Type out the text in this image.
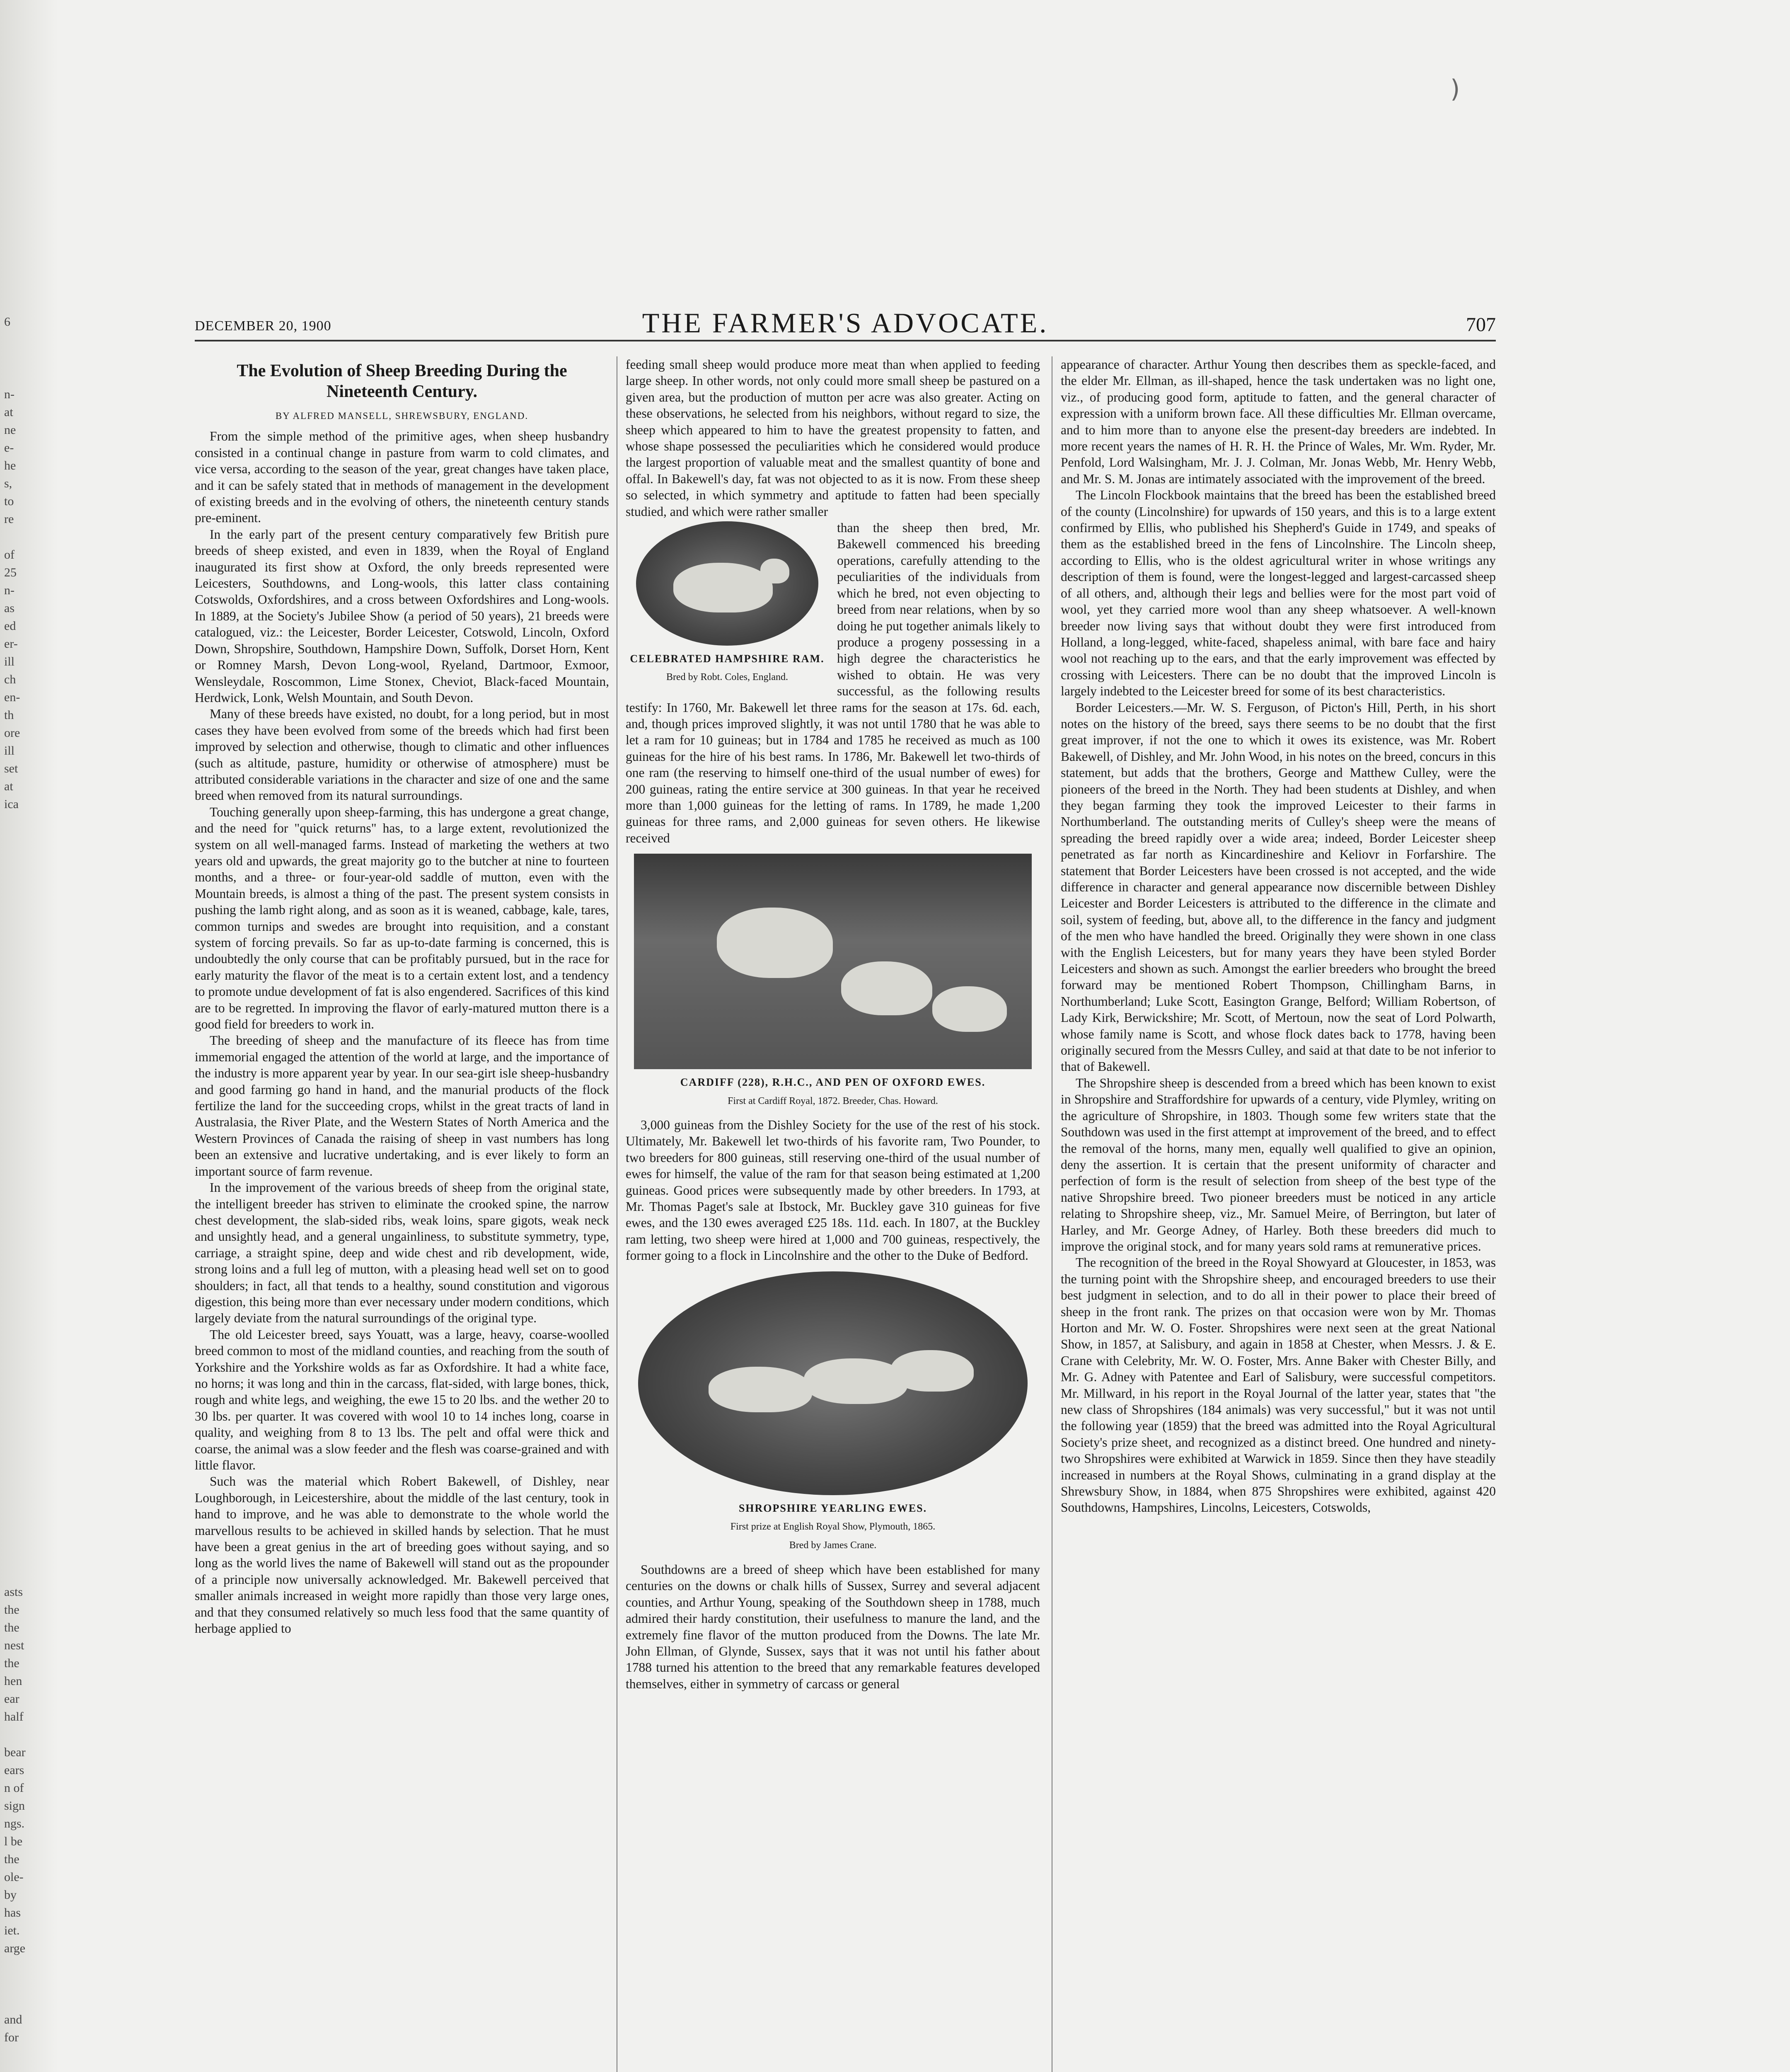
6
n-
at
ne
e-
he
s,
to
re

of
25
n-
as
ed
er-
ill
ch
en-
th
ore
ill
set
at
ica
asts
the
the
nest
the
hen
ear
half

bear
ears
n of
sign
ngs.
l be
the
ole-
by
has
iet.
arge

and
for
)
DECEMBER 20, 1900	THE FARMER'S ADVOCATE.	707
The Evolution of Sheep Breeding During the Nineteenth Century.
BY ALFRED MANSELL, SHREWSBURY, ENGLAND.

From the simple method of the primitive ages, when sheep husbandry consisted in a continual change in pasture from warm to cold climates, and vice versa, according to the season of the year, great changes have taken place, and it can be safely stated that in methods of management in the development of existing breeds and in the evolving of others, the nineteenth century stands pre-eminent.

In the early part of the present century comparatively few British pure breeds of sheep existed, and even in 1839, when the Royal of England inaugurated its first show at Oxford, the only breeds represented were Leicesters, Southdowns, and Long-wools, this latter class containing Cotswolds, Oxfordshires, and a cross between Oxfordshires and Long-wools. In 1889, at the Society's Jubilee Show (a period of 50 years), 21 breeds were catalogued, viz.: the Leicester, Border Leicester, Cotswold, Lincoln, Oxford Down, Shropshire, Southdown, Hampshire Down, Suffolk, Dorset Horn, Kent or Romney Marsh, Devon Long-wool, Ryeland, Dartmoor, Exmoor, Wensleydale, Roscommon, Lime Stonex, Cheviot, Black-faced Mountain, Herdwick, Lonk, Welsh Mountain, and South Devon.

Many of these breeds have existed, no doubt, for a long period, but in most cases they have been evolved from some of the breeds which had first been improved by selection and otherwise, though to climatic and other influences (such as altitude, pasture, humidity or otherwise of atmosphere) must be attributed considerable variations in the character and size of one and the same breed when removed from its natural surroundings.

Touching generally upon sheep-farming, this has undergone a great change, and the need for "quick returns" has, to a large extent, revolutionized the system on all well-managed farms. Instead of marketing the wethers at two years old and upwards, the great majority go to the butcher at nine to fourteen months, and a three- or four-year-old saddle of mutton, even with the Mountain breeds, is almost a thing of the past. The present system consists in pushing the lamb right along, and as soon as it is weaned, cabbage, kale, tares, common turnips and swedes are brought into requisition, and a constant system of forcing prevails. So far as up-to-date farming is concerned, this is undoubtedly the only course that can be profitably pursued, but in the race for early maturity the flavor of the meat is to a certain extent lost, and a tendency to promote undue development of fat is also engendered. Sacrifices of this kind are to be regretted. In improving the flavor of early-matured mutton there is a good field for breeders to work in.

The breeding of sheep and the manufacture of its fleece has from time immemorial engaged the attention of the world at large, and the importance of the industry is more apparent year by year. In our sea-girt isle sheep-husbandry and good farming go hand in hand, and the manurial products of the flock fertilize the land for the succeeding crops, whilst in the great tracts of land in Australasia, the River Plate, and the Western States of North America and the Western Provinces of Canada the raising of sheep in vast numbers has long been an extensive and lucrative undertaking, and is ever likely to form an important source of farm revenue.

In the improvement of the various breeds of sheep from the original state, the intelligent breeder has striven to eliminate the crooked spine, the narrow chest development, the slab-sided ribs, weak loins, spare gigots, weak neck and unsightly head, and a general ungainliness, to substitute symmetry, type, carriage, a straight spine, deep and wide chest and rib development, wide, strong loins and a full leg of mutton, with a pleasing head well set on to good shoulders; in fact, all that tends to a healthy, sound constitution and vigorous digestion, this being more than ever necessary under modern conditions, which largely deviate from the natural surroundings of the original type.

The old Leicester breed, says Youatt, was a large, heavy, coarse-woolled breed common to most of the midland counties, and reaching from the south of Yorkshire and the Yorkshire wolds as far as Oxfordshire. It had a white face, no horns; it was long and thin in the carcass, flat-sided, with large bones, thick, rough and white legs, and weighing, the ewe 15 to 20 lbs. and the wether 20 to 30 lbs. per quarter. It was covered with wool 10 to 14 inches long, coarse in quality, and weighing from 8 to 13 lbs. The pelt and offal were thick and coarse, the animal was a slow feeder and the flesh was coarse-grained and with little flavor.

Such was the material which Robert Bakewell, of Dishley, near Loughborough, in Leicestershire, about the middle of the last century, took in hand to improve, and he was able to demonstrate to the whole world the marvellous results to be achieved in skilled hands by selection. That he must have been a great genius in the art of breeding goes without saying, and so long as the world lives the name of Bakewell will stand out as the propounder of a principle now universally acknowledged. Mr. Bakewell perceived that smaller animals increased in weight more rapidly than those very large ones, and that they consumed relatively so much less food that the same quantity of herbage applied to

feeding small sheep would produce more meat than when applied to feeding large sheep. In other words, not only could more small sheep be pastured on a given area, but the production of mutton per acre was also greater. Acting on these observations, he selected from his neighbors, without regard to size, the sheep which appeared to him to have the greatest propensity to fatten, and whose shape possessed the peculiarities which he considered would produce the largest proportion of valuable meat and the smallest quantity of bone and offal. In Bakewell's day, fat was not objected to as it is now. From these sheep so selected, in which symmetry and aptitude to fatten had been specially studied, and which were rather smaller

CELEBRATED HAMPSHIRE RAM.
Bred by Robt. Coles, England.

than the sheep then bred, Mr. Bakewell commenced his breeding operations, carefully attending to the peculiarities of the individuals from which he bred, not even objecting to breed from near relations, when by so doing he put together animals likely to produce a progeny possessing in a high degree the characteristics he wished to obtain. He was very successful, as the following results testify: In 1760, Mr. Bakewell let three rams for the season at 17s. 6d. each, and, though prices improved slightly, it was not until 1780 that he was able to let a ram for 10 guineas; but in 1784 and 1785 he received as much as 100 guineas for the hire of his best rams. In 1786, Mr. Bakewell let two-thirds of one ram (the reserving to himself one-third of the usual number of ewes) for 200 guineas, rating the entire service at 300 guineas. In that year he received more than 1,000 guineas for the letting of rams. In 1789, he made 1,200 guineas for three rams, and 2,000 guineas for seven others. He likewise received

CARDIFF (228), R.H.C., AND PEN OF OXFORD EWES.
First at Cardiff Royal, 1872. Breeder, Chas. Howard.

3,000 guineas from the Dishley Society for the use of the rest of his stock. Ultimately, Mr. Bakewell let two-thirds of his favorite ram, Two Pounder, to two breeders for 800 guineas, still reserving one-third of the usual number of ewes for himself, the value of the ram for that season being estimated at 1,200 guineas. Good prices were subsequently made by other breeders. In 1793, at Mr. Thomas Paget's sale at Ibstock, Mr. Buckley gave 310 guineas for five ewes, and the 130 ewes averaged £25 18s. 11d. each. In 1807, at the Buckley ram letting, two sheep were hired at 1,000 and 700 guineas, respectively, the former going to a flock in Lincolnshire and the other to the Duke of Bedford.

SHROPSHIRE YEARLING EWES.
First prize at English Royal Show, Plymouth, 1865.
Bred by James Crane.

Southdowns are a breed of sheep which have been established for many centuries on the downs or chalk hills of Sussex, Surrey and several adjacent counties, and Arthur Young, speaking of the Southdown sheep in 1788, much admired their hardy constitution, their usefulness to manure the land, and the extremely fine flavor of the mutton produced from the Downs. The late Mr. John Ellman, of Glynde, Sussex, says that it was not until his father about 1788 turned his attention to the breed that any remarkable features developed themselves, either in symmetry of carcass or general

appearance of character. Arthur Young then describes them as speckle-faced, and the elder Mr. Ellman, as ill-shaped, hence the task undertaken was no light one, viz., of producing good form, aptitude to fatten, and the general character of expression with a uniform brown face. All these difficulties Mr. Ellman overcame, and to him more than to anyone else the present-day breeders are indebted. In more recent years the names of H. R. H. the Prince of Wales, Mr. Wm. Ryder, Mr. Penfold, Lord Walsingham, Mr. J. J. Colman, Mr. Jonas Webb, Mr. Henry Webb, and Mr. S. M. Jonas are intimately associated with the improvement of the breed.

The Lincoln Flockbook maintains that the breed has been the established breed of the county (Lincolnshire) for upwards of 150 years, and this is to a large extent confirmed by Ellis, who published his Shepherd's Guide in 1749, and speaks of them as the established breed in the fens of Lincolnshire. The Lincoln sheep, according to Ellis, who is the oldest agricultural writer in whose writings any description of them is found, were the longest-legged and largest-carcassed sheep of all others, and, although their legs and bellies were for the most part void of wool, yet they carried more wool than any sheep whatsoever. A well-known breeder now living says that without doubt they were first introduced from Holland, a long-legged, white-faced, shapeless animal, with bare face and hairy wool not reaching up to the ears, and that the early improvement was effected by crossing with Leicesters. There can be no doubt that the improved Lincoln is largely indebted to the Leicester breed for some of its best characteristics.

Border Leicesters.—Mr. W. S. Ferguson, of Picton's Hill, Perth, in his short notes on the history of the breed, says there seems to be no doubt that the first great improver, if not the one to which it owes its existence, was Mr. Robert Bakewell, of Dishley, and Mr. John Wood, in his notes on the breed, concurs in this statement, but adds that the brothers, George and Matthew Culley, were the pioneers of the breed in the North. They had been students at Dishley, and when they began farming they took the improved Leicester to their farms in Northumberland. The outstanding merits of Culley's sheep were the means of spreading the breed rapidly over a wide area; indeed, Border Leicester sheep penetrated as far north as Kincardineshire and Keliovr in Forfarshire. The statement that Border Leicesters have been crossed is not accepted, and the wide difference in character and general appearance now discernible between Dishley Leicester and Border Leicesters is attributed to the difference in the climate and soil, system of feeding, but, above all, to the difference in the fancy and judgment of the men who have handled the breed. Originally they were shown in one class with the English Leicesters, but for many years they have been styled Border Leicesters and shown as such. Amongst the earlier breeders who brought the breed forward may be mentioned Robert Thompson, Chillingham Barns, in Northumberland; Luke Scott, Easington Grange, Belford; William Robertson, of Lady Kirk, Berwickshire; Mr. Scott, of Mertoun, now the seat of Lord Polwarth, whose family name is Scott, and whose flock dates back to 1778, having been originally secured from the Messrs Culley, and said at that date to be not inferior to that of Bakewell.

The Shropshire sheep is descended from a breed which has been known to exist in Shropshire and Straffordshire for upwards of a century, vide Plymley, writing on the agriculture of Shropshire, in 1803. Though some few writers state that the Southdown was used in the first attempt at improvement of the breed, and to effect the removal of the horns, many men, equally well qualified to give an opinion, deny the assertion. It is certain that the present uniformity of character and perfection of form is the result of selection from sheep of the best type of the native Shropshire breed. Two pioneer breeders must be noticed in any article relating to Shropshire sheep, viz., Mr. Samuel Meire, of Berrington, but later of Harley, and Mr. George Adney, of Harley. Both these breeders did much to improve the original stock, and for many years sold rams at remunerative prices.

The recognition of the breed in the Royal Showyard at Gloucester, in 1853, was the turning point with the Shropshire sheep, and encouraged breeders to use their best judgment in selection, and to do all in their power to place their breed of sheep in the front rank. The prizes on that occasion were won by Mr. Thomas Horton and Mr. W. O. Foster. Shropshires were next seen at the great National Show, in 1857, at Salisbury, and again in 1858 at Chester, when Messrs. J. & E. Crane with Celebrity, Mr. W. O. Foster, Mrs. Anne Baker with Chester Billy, and Mr. G. Adney with Patentee and Earl of Salisbury, were successful competitors. Mr. Millward, in his report in the Royal Journal of the latter year, states that "the new class of Shropshires (184 animals) was very successful," but it was not until the following year (1859) that the breed was admitted into the Royal Agricultural Society's prize sheet, and recognized as a distinct breed. One hundred and ninety-two Shropshires were exhibited at Warwick in 1859. Since then they have steadily increased in numbers at the Royal Shows, culminating in a grand display at the Shrewsbury Show, in 1884, when 875 Shropshires were exhibited, against 420 Southdowns, Hampshires, Lincolns, Leicesters, Cotswolds,
